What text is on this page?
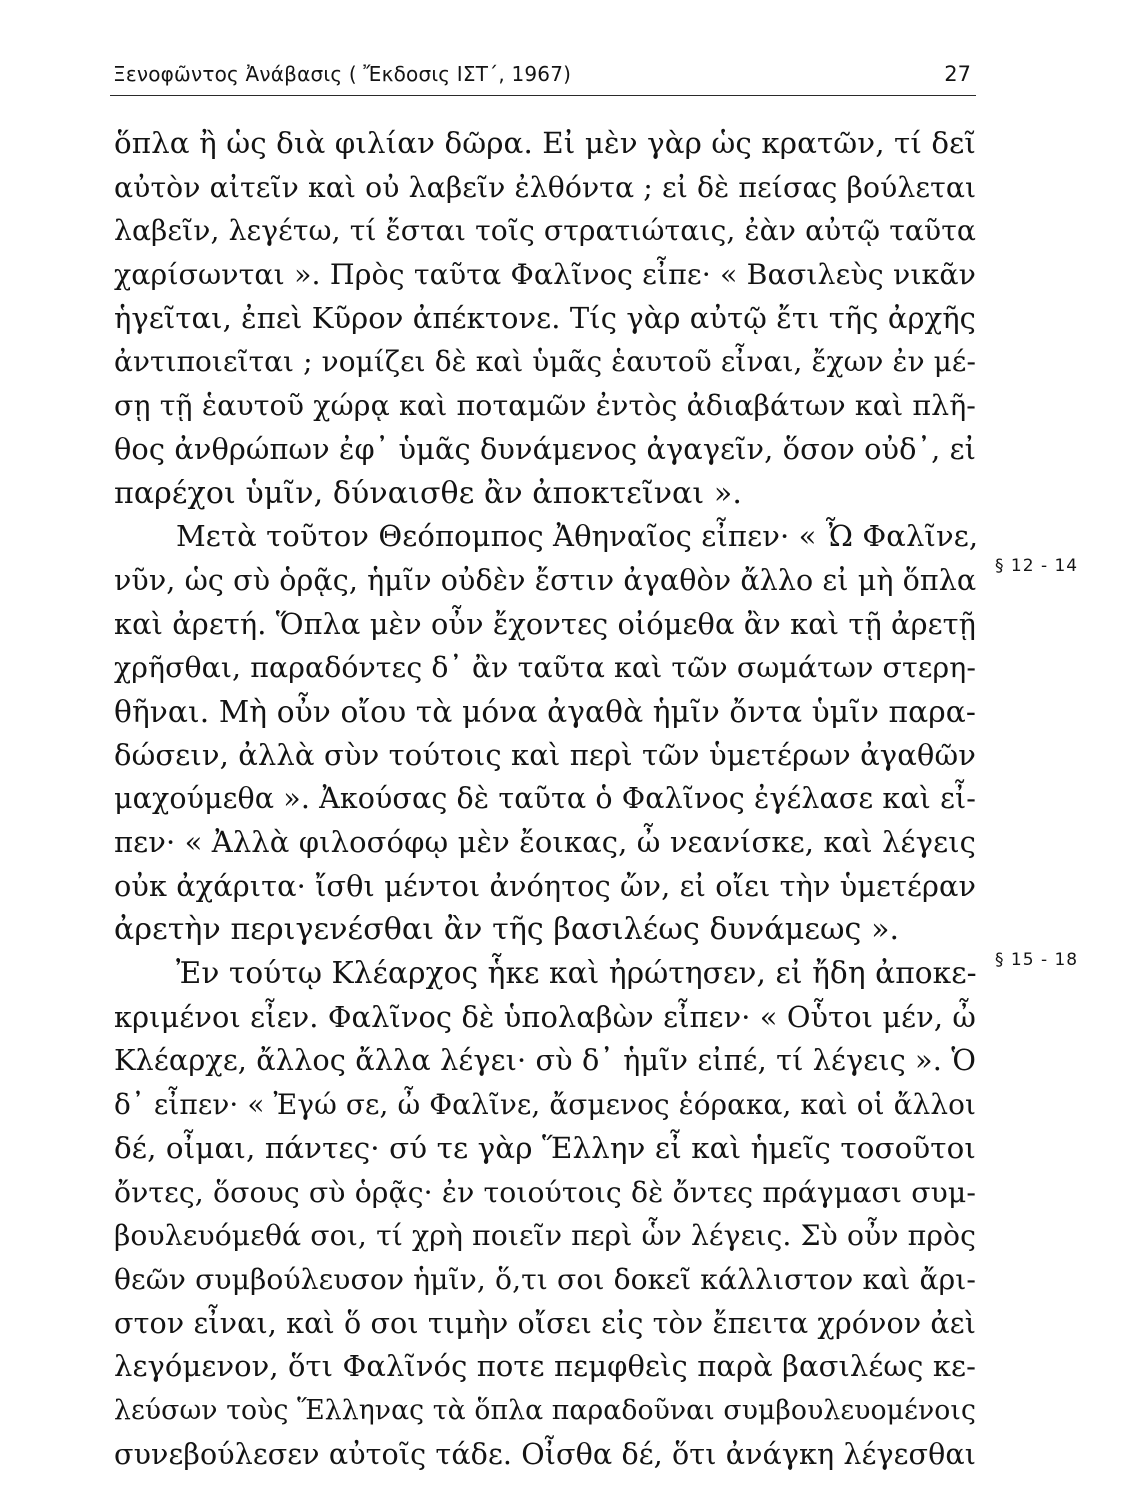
Ξενοφῶντος Ἀνάβασις ( Ἔκδοσις ΙΣΤ΄, 1967)	27
§ 12 - 14
§ 15 - 18
ὅπλα ἢ ὡς διὰ φιλίαν δῶρα. Εἰ μὲν γὰρ ὡς κρατῶν, τί δεῖ
αὐτὸν αἰτεῖν καὶ οὐ λαβεῖν ἐλθόντα ; εἰ δὲ πείσας βούλεται
λαβεῖν, λεγέτω, τί ἔσται τοῖς στρατιώταις, ἐὰν αὐτῷ ταῦτα
χαρίσωνται ». Πρὸς ταῦτα Φαλῖνος εἶπε· « Βασιλεὺς νικᾶν
ἡγεῖται, ἐπεὶ Κῦρον ἀπέκτονε. Τίς γὰρ αὐτῷ ἔτι τῆς ἀρχῆς
ἀντιποιεῖται ; νομίζει δὲ καὶ ὑμᾶς ἑαυτοῦ εἶναι, ἔχων ἐν μέ-
σῃ τῇ ἑαυτοῦ χώρᾳ καὶ ποταμῶν ἐντὸς ἀδιαβάτων καὶ πλῆ-
θος ἀνθρώπων ἐφ᾽ ὑμᾶς δυνάμενος ἀγαγεῖν, ὅσον οὐδ᾽, εἰ
παρέχοι ὑμῖν, δύναισθε ἂν ἀποκτεῖναι ».
Μετὰ τοῦτον Θεόπομπος Ἀθηναῖος εἶπεν· « Ὦ Φαλῖνε,
νῦν, ὡς σὺ ὁρᾷς, ἡμῖν οὐδὲν ἔστιν ἀγαθὸν ἄλλο εἰ μὴ ὅπλα
καὶ ἀρετή. Ὅπλα μὲν οὖν ἔχοντες οἰόμεθα ἂν καὶ τῇ ἀρετῇ
χρῆσθαι, παραδόντες δ᾽ ἂν ταῦτα καὶ τῶν σωμάτων στερη-
θῆναι. Μὴ οὖν οἴου τὰ μόνα ἀγαθὰ ἡμῖν ὄντα ὑμῖν παρα-
δώσειν, ἀλλὰ σὺν τούτοις καὶ περὶ τῶν ὑμετέρων ἀγαθῶν
μαχούμεθα ». Ἀκούσας δὲ ταῦτα ὁ Φαλῖνος ἐγέλασε καὶ εἶ-
πεν· « Ἀλλὰ φιλοσόφῳ μὲν ἔοικας, ὦ νεανίσκε, καὶ λέγεις
οὐκ ἀχάριτα· ἴσθι μέντοι ἀνόητος ὤν, εἰ οἴει τὴν ὑμετέραν
ἀρετὴν περιγενέσθαι ἂν τῆς βασιλέως δυνάμεως ».
Ἐν τούτῳ Κλέαρχος ἧκε καὶ ἠρώτησεν, εἰ ἤδη ἀποκε-
κριμένοι εἶεν. Φαλῖνος δὲ ὑπολαβὼν εἶπεν· « Οὗτοι μέν, ὦ
Κλέαρχε, ἄλλος ἄλλα λέγει· σὺ δ᾽ ἡμῖν εἰπέ, τί λέγεις ». Ὁ
δ᾽ εἶπεν· « Ἐγώ σε, ὦ Φαλῖνε, ἄσμενος ἑόρακα, καὶ οἱ ἄλλοι
δέ, οἶμαι, πάντες· σύ τε γὰρ Ἕλλην εἶ καὶ ἡμεῖς τοσοῦτοι
ὄντες, ὅσους σὺ ὁρᾷς· ἐν τοιούτοις δὲ ὄντες πράγμασι συμ-
βουλευόμεθά σοι, τί χρὴ ποιεῖν περὶ ὧν λέγεις. Σὺ οὖν πρὸς
θεῶν συμβούλευσον ἡμῖν, ὅ,τι σοι δοκεῖ κάλλιστον καὶ ἄρι-
στον εἶναι, καὶ ὅ σοι τιμὴν οἴσει εἰς τὸν ἔπειτα χρόνον ἀεὶ
λεγόμενον, ὅτι Φαλῖνός ποτε πεμφθεὶς παρὰ βασιλέως κε-
λεύσων τοὺς Ἕλληνας τὰ ὅπλα παραδοῦναι συμβουλευομένοις
συνεβούλεσεν αὐτοῖς τάδε. Οἶσθα δέ, ὅτι ἀνάγκη λέγεσθαι
